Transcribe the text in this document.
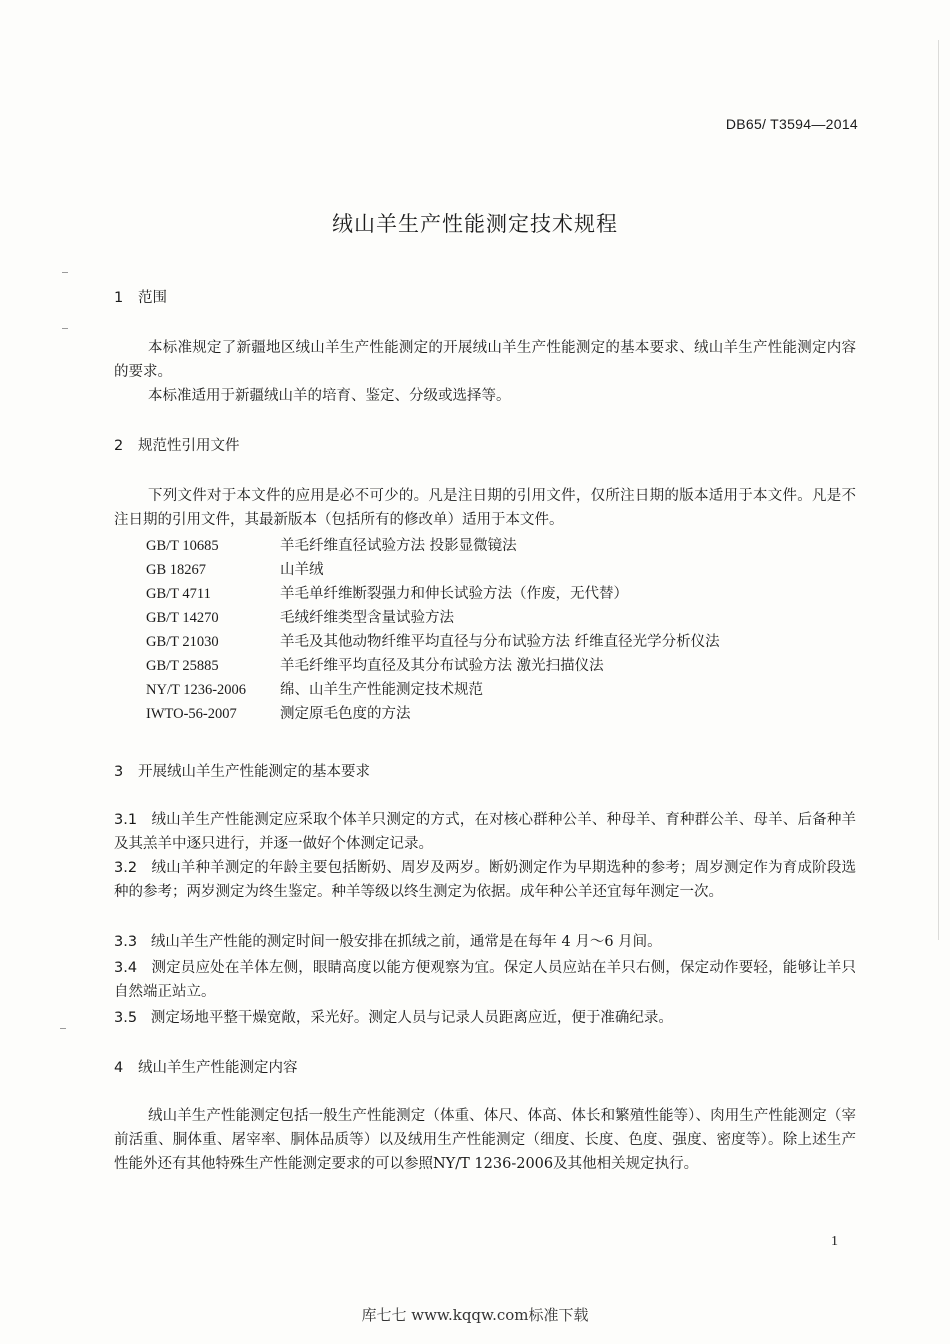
DB65/ T3594—2014
绒山羊生产性能测定技术规程
1 范围

本标准规定了新疆地区绒山羊生产性能测定的开展绒山羊生产性能测定的基本要求、绒山羊生产性能测定内容的要求。

本标准适用于新疆绒山羊的培育、鉴定、分级或选择等。

2 规范性引用文件

下列文件对于本文件的应用是必不可少的。凡是注日期的引用文件，仅所注日期的版本适用于本文件。凡是不注日期的引用文件，其最新版本（包括所有的修改单）适用于本文件。

GB/T 10685	羊毛纤维直径试验方法 投影显微镜法
GB 18267	山羊绒
GB/T 4711	羊毛单纤维断裂强力和伸长试验方法（作废，无代替）
GB/T 14270	毛绒纤维类型含量试验方法
GB/T 21030	羊毛及其他动物纤维平均直径与分布试验方法 纤维直径光学分析仪法
GB/T 25885	羊毛纤维平均直径及其分布试验方法 激光扫描仪法
NY/T 1236-2006 绵、山羊生产性能测定技术规范
IWTO-56-2007	测定原毛色度的方法
3 开展绒山羊生产性能测定的基本要求

3.1 绒山羊生产性能测定应采取个体羊只测定的方式，在对核心群种公羊、种母羊、育种群公羊、母羊、后备种羊及其羔羊中逐只进行，并逐一做好个体测定记录。

3.2 绒山羊种羊测定的年龄主要包括断奶、周岁及两岁。断奶测定作为早期选种的参考；周岁测定作为育成阶段选种的参考；两岁测定为终生鉴定。种羊等级以终生测定为依据。成年种公羊还宜每年测定一次。

3.3 绒山羊生产性能的测定时间一般安排在抓绒之前，通常是在每年 4 月～6 月间。

3.4 测定员应处在羊体左侧，眼睛高度以能方便观察为宜。保定人员应站在羊只右侧，保定动作要轻，能够让羊只自然端正站立。

3.5 测定场地平整干燥宽敞，采光好。测定人员与记录人员距离应近，便于准确纪录。

4 绒山羊生产性能测定内容

绒山羊生产性能测定包括一般生产性能测定（体重、体尺、体高、体长和繁殖性能等）、肉用生产性能测定（宰前活重、胴体重、屠宰率、胴体品质等）以及绒用生产性能测定（细度、长度、色度、强度、密度等）。除上述生产性能外还有其他特殊生产性能测定要求的可以参照NY/T 1236-2006及其他相关规定执行。

1
库七七 www.kqqw.com标准下载
